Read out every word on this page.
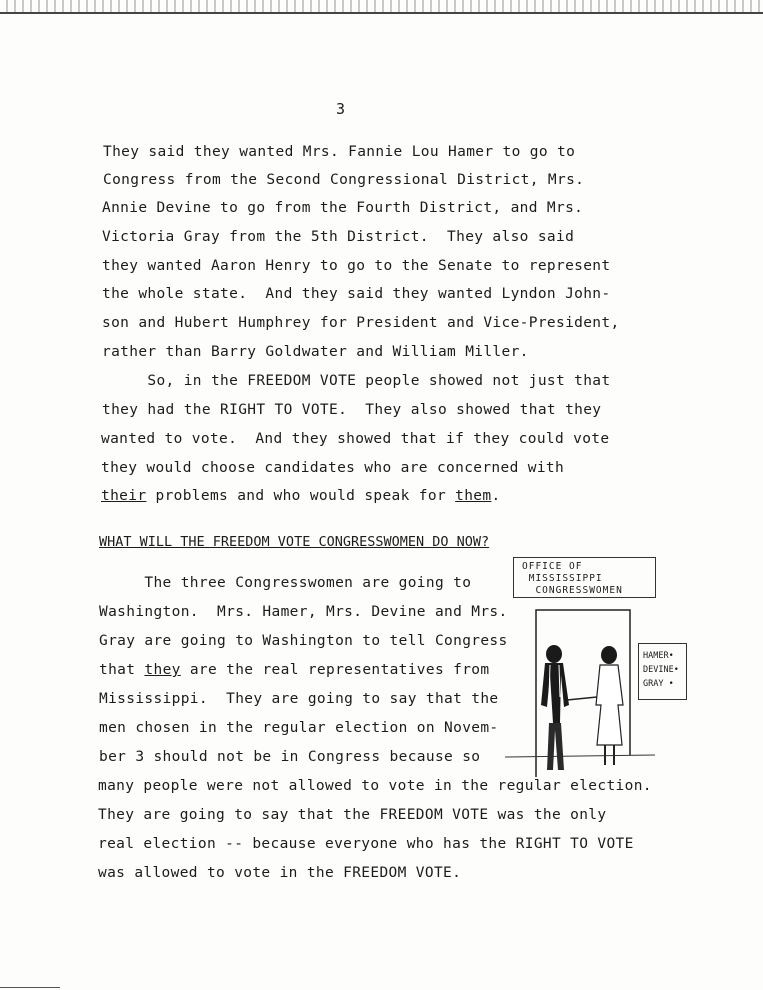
3
They said they wanted Mrs. Fannie Lou Hamer to go to
Congress from the Second Congressional District, Mrs.
Annie Devine to go from the Fourth District, and Mrs.
Victoria Gray from the 5th District.  They also said
they wanted Aaron Henry to go to the Senate to represent
the whole state.  And they said they wanted Lyndon John-
son and Hubert Humphrey for President and Vice-President,
rather than Barry Goldwater and William Miller.
So, in the FREEDOM VOTE people showed not just that
they had the RIGHT TO VOTE.  They also showed that they
wanted to vote.  And they showed that if they could vote
they would choose candidates who are concerned with
their problems and who would speak for them.
WHAT WILL THE FREEDOM VOTE CONGRESSWOMEN DO NOW?
The three Congresswomen are going to
Washington.  Mrs. Hamer, Mrs. Devine and Mrs.
Gray are going to Washington to tell Congress
that they are the real representatives from
Mississippi.  They are going to say that the
men chosen in the regular election on Novem-
ber 3 should not be in Congress because so
many people were not allowed to vote in the regular election.
They are going to say that the FREEDOM VOTE was the only
real election -- because everyone who has the RIGHT TO VOTE
was allowed to vote in the FREEDOM VOTE.
OFFICE OF
MISSISSIPPI
CONGRESSWOMEN
HAMER•
DEVINE•
GRAY •
